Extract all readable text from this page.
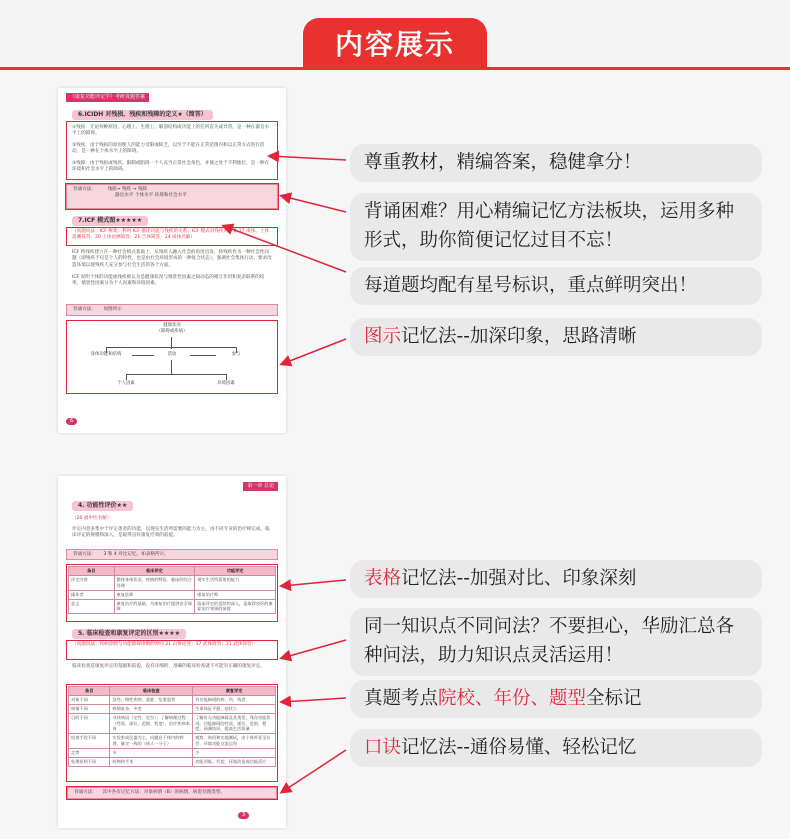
内容展示
《康复功能评定学》考研真题答案
6.ICIDH 对残损、残疾和残障的定义★（简答）
①残损：无论何种原因，心理上、生理上、解剖结构或功能上的任何丧失或异常，是一种在器官水平上的障碍。
②残疾：由于残损的原因使人的能力受限或缺乏，以至于不能在正常范围内和以正常方式进行活动，是一种在个体水平上的障碍。
③残障：由于残损或残疾，限制或阻碍一个人充当正常社会角色，并使之处于不利地位，是一种在环境和社会水平上的障碍。
背诵方法： 残损→ 残疾 → 残障
器官水平 个体水平 环境和社会水平
7.ICF 模式图★★★★★
（真题问法：ICF 框架；利用 ICF 描述功能与残疾的关系；ICF 模式对残疾的分类 17 南体、上体追溯简答；20 上体论溯简答；21 吉体简答；24 成体名解）
ICF 将残疾建立在一种社会模式基础上，从残疾人融入社会的角度出发，将残疾作为一种社会性问题（即残疾不仅是个人的特性，也是由社会环境形成的一种复合状态），强调社会集体行动，要求改造环境以使残疾人充分参与社会生活的各个方面。
ICF 说明个体的功能或残疾被认为是健康状况与情景性因素之间动态的相互作用和复杂联系的结果，情景性因素分为个人因素和环境因素。
背诵方法： 如图所示
健康状况
（障碍或疾病）
身体功能和结构	活动	参与
个人因素	环境因素
6
第一章 总论
4. 功能性评价★★
（20 福中医名解）
评定内容多集中于评定患者的功能，以现实生活所需要的能力为主，由不同专业的治疗师完成，临床评定的规模和深入，是取得良好康复疗效的前提。
背诵方法： 3 和 4 对比记忆，如表格所示。
条目	临床评定	功能评定
评定内容	整体身体状况、疾病的特征、临床的综合处理	现实生活所需要的能力
操作者	康复医师	康复治疗师
意义	康复治疗的基础，为康复治疗提供安全保障	临床评定的延续和深入，是取得良好的康复治疗效果的前提
5. 临床检查和康复评定的区别★★★★
（真题问法：疾病诊断与功能障碍诊断的异同 21 山体论述；17 武体简答；21 武体简答）
临床检查是康复评定的基础和前提，没有详细的、准确的临床检查就不可能有正确的康复评定。
条目	临床检查	康复评定
对象不同	急性、慢性疾病、重症、危重患者	有功能障碍的病、伤、残者
病情不同	病情复杂、多变	生命体征平稳，症状小
目的不同	寻找病因（定性、定位），了解病理过程（性质、部位、范围、程度），治疗疾病本身	了解有无功能障碍及其类型，残存功能状况，功能障碍的性质、部位、范围、程度，预测结局，提高生活质量
检查手段不同	实验室或仪器为主，问题自于体内的病理，量定一致的（病人一分子）	观察、询问和实地测试，由个体外延至社会、环境功能交流运用
走势	多	少
处理原则不同	药物和手术	功能训练、代偿、环境改造或功能适应
背诵方法： 其中各有记忆方法：对象病情（B）的病情，病患处理类型。
3
尊重教材，精编答案，稳健拿分！
背诵困难？用心精编记忆方法板块，运用多种形式，助你简便记忆过目不忘！
每道题均配有星号标识，重点鲜明突出！
图示记忆法--加深印象，思路清晰
表格记忆法--加强对比、印象深刻
同一知识点不同问法？不要担心，华励汇总各种问法，助力知识点灵活运用！
真题考点院校、年份、题型全标记
口诀记忆法--通俗易懂、轻松记忆
